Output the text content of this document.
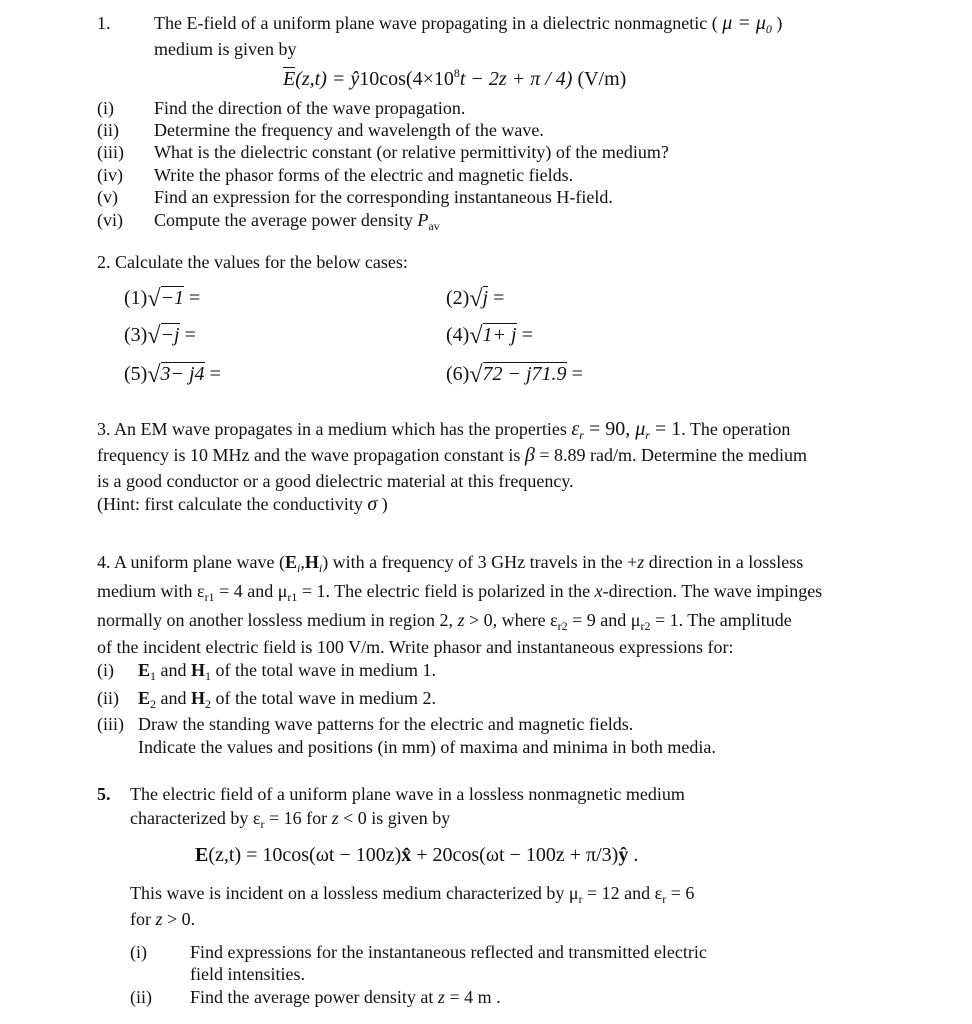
1. The E-field of a uniform plane wave propagating in a dielectric nonmagnetic ( $\mu = \mu_0$ )
medium is given by
$E(z,t) = ŷ10\cos(4\times 10^8t - 2z + \pi / 4)$ (V/m)
(i) Find the direction of the wave propagation.
(ii) Determine the frequency and wavelength of the wave.
(iii) What is the dielectric constant (or relative permittivity) of the medium?
(iv) Write the phasor forms of the electric and magnetic fields.
(v) Find an expression for the corresponding instantaneous H-field.
(vi) Compute the average power density $P_{av}$
2. Calculate the values for the below cases:
(1)√−1 =	(2)√j =
(3)√−j =	(4)√1+ j =
(5)√3− j4 =	(6)√72 − j71.9 =
3. An EM wave propagates in a medium which has the properties $\varepsilon_r = 90$, $\mu_r = 1$. The operation
frequency is 10 MHz and the wave propagation constant is β = 8.89 rad/m. Determine the medium
is a good conductor or a good dielectric material at this frequency.
(Hint: first calculate the conductivity σ )
4. A uniform plane wave $(E_i,H_i)$ with a frequency of 3 GHz travels in the +z direction in a lossless
medium with $\varepsilon_{r1} = 4$ and $\mu_{r1} = 1$. The electric field is polarized in the x-direction. The wave impinges
normally on another lossless medium in region 2, z > 0, where $\varepsilon_{r2} = 9$ and $\mu_{r2} = 1$. The amplitude
of the incident electric field is 100 V/m. Write phasor and instantaneous expressions for:
(i) $E_1$ and $H_1$ of the total wave in medium 1.
(ii) $E_2$ and $H_2$ of the total wave in medium 2.
(iii) Draw the standing wave patterns for the electric and magnetic fields.
Indicate the values and positions (in mm) of maxima and minima in both media.
5. The electric field of a uniform plane wave in a lossless nonmagnetic medium
characterized by $\varepsilon_r = 16$ for z < 0 is given by
E(z,t) = 10cos(ωt − 100z)x̂ + 20cos(ωt − 100z + π/3)ŷ .
This wave is incident on a lossless medium characterized by $\mu_r = 12$ and $\varepsilon_r = 6$
for z > 0.
(i) Find expressions for the instantaneous reflected and transmitted electric
field intensities.
(ii) Find the average power density at z = 4 m .
